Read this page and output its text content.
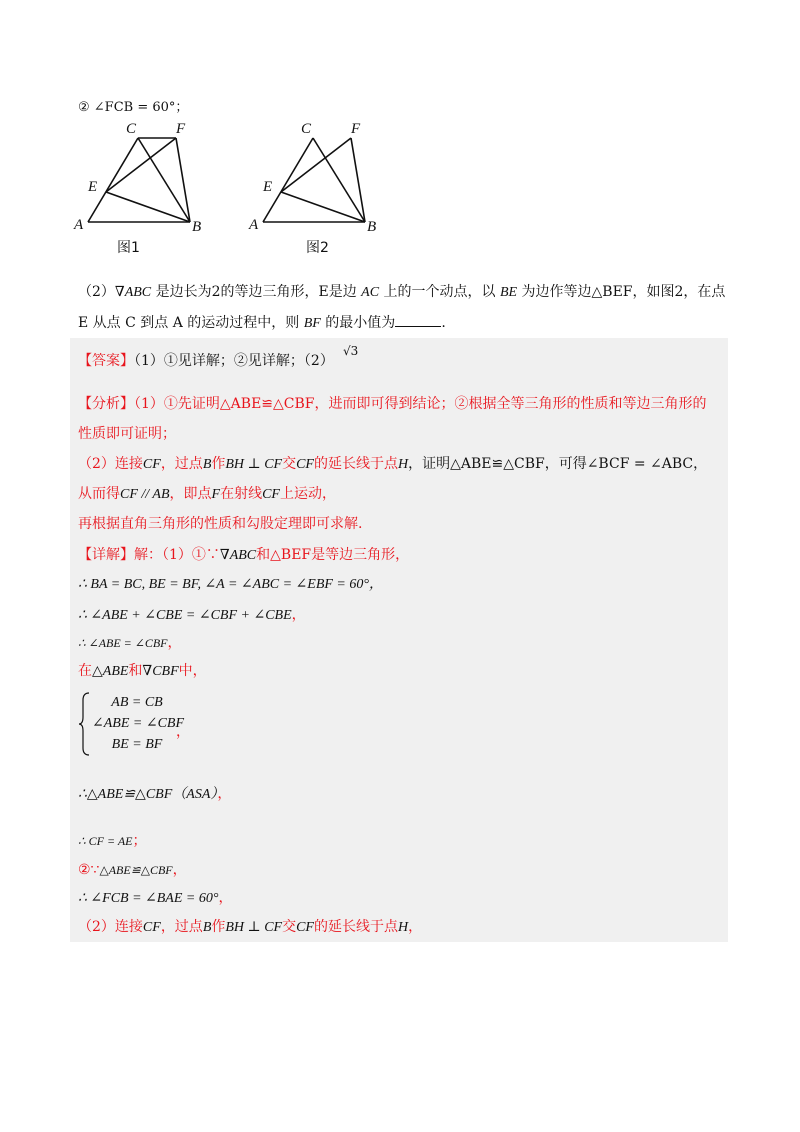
② ∠FCB = 60°；
A	B
C
E
F
图1
A	B
C
E
F
图2
（2）∇ABC 是边长为2的等边三角形，E是边 AC 上的一个动点，以 BE 为边作等边△BEF，如图2，在点
E 从点 C 到点 A 的运动过程中，则 BF 的最小值为	.
【答案】（1）①见详解；②见详解；（2）
√3
【分析】（1）①先证明△ABE≌△CBF，进而即可得到结论；②根据全等三角形的性质和等边三角形的
性质即可证明；
（2）连接CF，过点B作BH ⊥ CF交CF的延长线于点H，证明△ABE≌△CBF，可得∠BCF = ∠ABC，
从而得CF // AB，即点F在射线CF上运动，
再根据直角三角形的性质和勾股定理即可求解.
【详解】解：（1）①∵∇ABC和△BEF是等边三角形，
∴ BA = BC, BE = BF, ∠A = ∠ABC = ∠EBF = 60°，
∴ ∠ABE + ∠CBE = ∠CBF + ∠CBE，
∴ ∠ABE = ∠CBF，
在△ABE和∇CBF中，
AB = CB
∠ABE = ∠CBF
BE = BF
，
∴△ABE≌△CBF（ASA），
∴ CF = AE；
②∵△ABE≌△CBF，
∴ ∠FCB = ∠BAE = 60°，
（2）连接CF，过点B作BH ⊥ CF交CF的延长线于点H，
